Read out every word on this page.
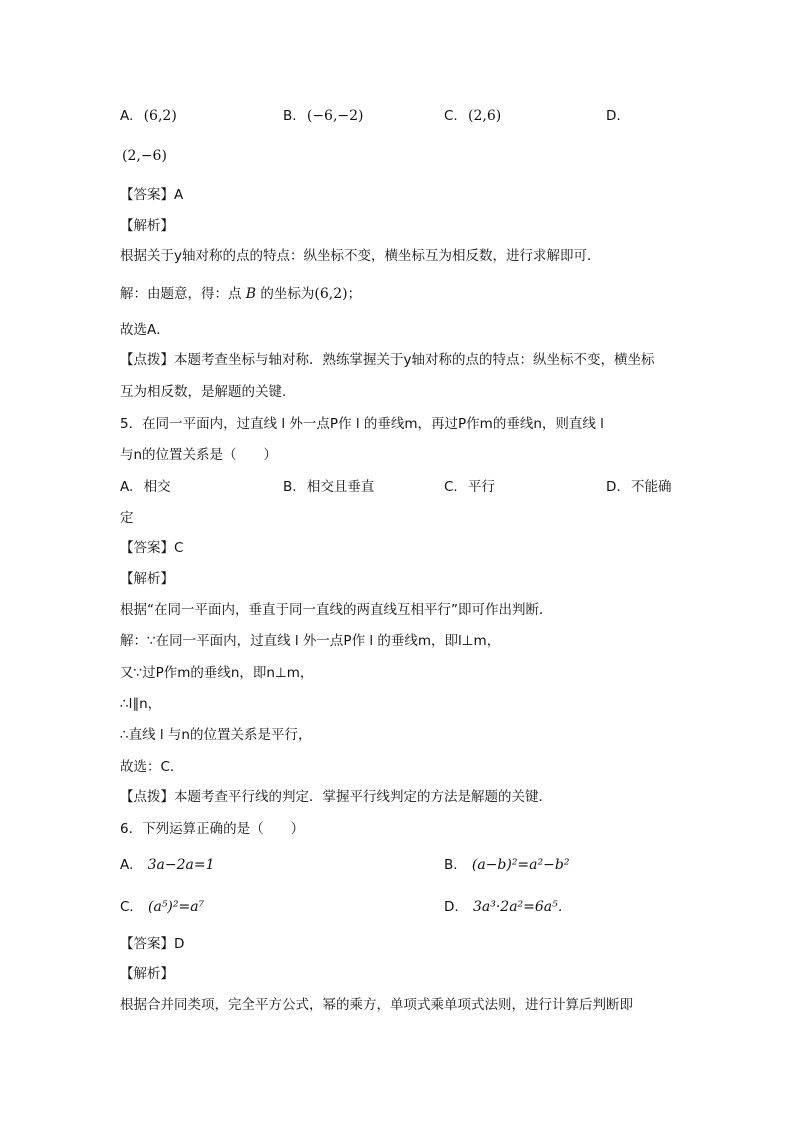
A. (6,2)	B. (−6,−2)	C. (2,6)	D.
(2,−6)
【答案】A
【解析】
根据关于y轴对称的点的特点：纵坐标不变，横坐标互为相反数，进行求解即可．
解：由题意，得：点 B 的坐标为(6,2)；
故选A．
【点拨】本题考查坐标与轴对称．熟练掌握关于y轴对称的点的特点：纵坐标不变，横坐标
互为相反数，是解题的关键．
5．在同一平面内，过直线 l 外一点P作 l 的垂线m，再过P作m的垂线n，则直线 l
与n的位置关系是（　　）
A. 相交	B. 相交且垂直	C. 平行	D. 不能确
定
【答案】C
【解析】
根据“在同一平面内，垂直于同一直线的两直线互相平行”即可作出判断．
解：∵在同一平面内，过直线 l 外一点P作 l 的垂线m，即l⊥m，
又∵过P作m的垂线n，即n⊥m，
∴l∥n，
∴直线 l 与n的位置关系是平行，
故选：C．
【点拨】本题考查平行线的判定．掌握平行线判定的方法是解题的关键．
6．下列运算正确的是（　　）
A. 3a−2a=1	B. (a−b)²=a²−b²
C. (a⁵)²=a⁷	D. 3a³·2a²=6a⁵．
【答案】D
【解析】
根据合并同类项，完全平方公式，幂的乘方，单项式乘单项式法则，进行计算后判断即
